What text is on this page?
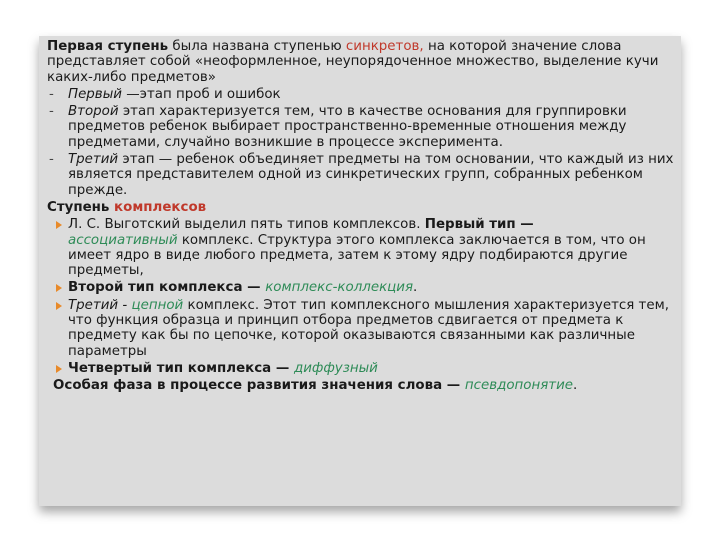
Первая ступень была названа ступенью синкретов, на которой значение слова представляет собой «неоформленное, неупорядоченное множество, выделение кучи каких-либо предметов»
- Первый —этап проб и ошибок
- Второй этап характеризуется тем, что в качестве основания для группировки предметов ребенок выбирает пространственно-временные отношения между предметами, случайно возникшие в процессе эксперимента.
- Третий этап — ребенок объединяет предметы на том основании, что каждый из них является представителем одной из синкретических групп, собранных ребенком прежде.
Ступень комплексов
Л. С. Выготский выделил пять типов комплексов. Первый тип —
ассоциативный комплекс. Структура этого комплекса заключается в том, что он имеет ядро в виде любого предмета, затем к этому ядру подбираются другие предметы,
Второй тип комплекса — комплекс-коллекция.
Третий - цепной комплекс. Этот тип комплексного мышления характеризуется тем, что функция образца и принцип отбора предметов сдвигается от предмета к предмету как бы по цепочке, которой оказываются связанными как различные параметры
Четвертый тип комплекса — диффузный
Особая фаза в процессе развития значения слова — псевдопонятие.
